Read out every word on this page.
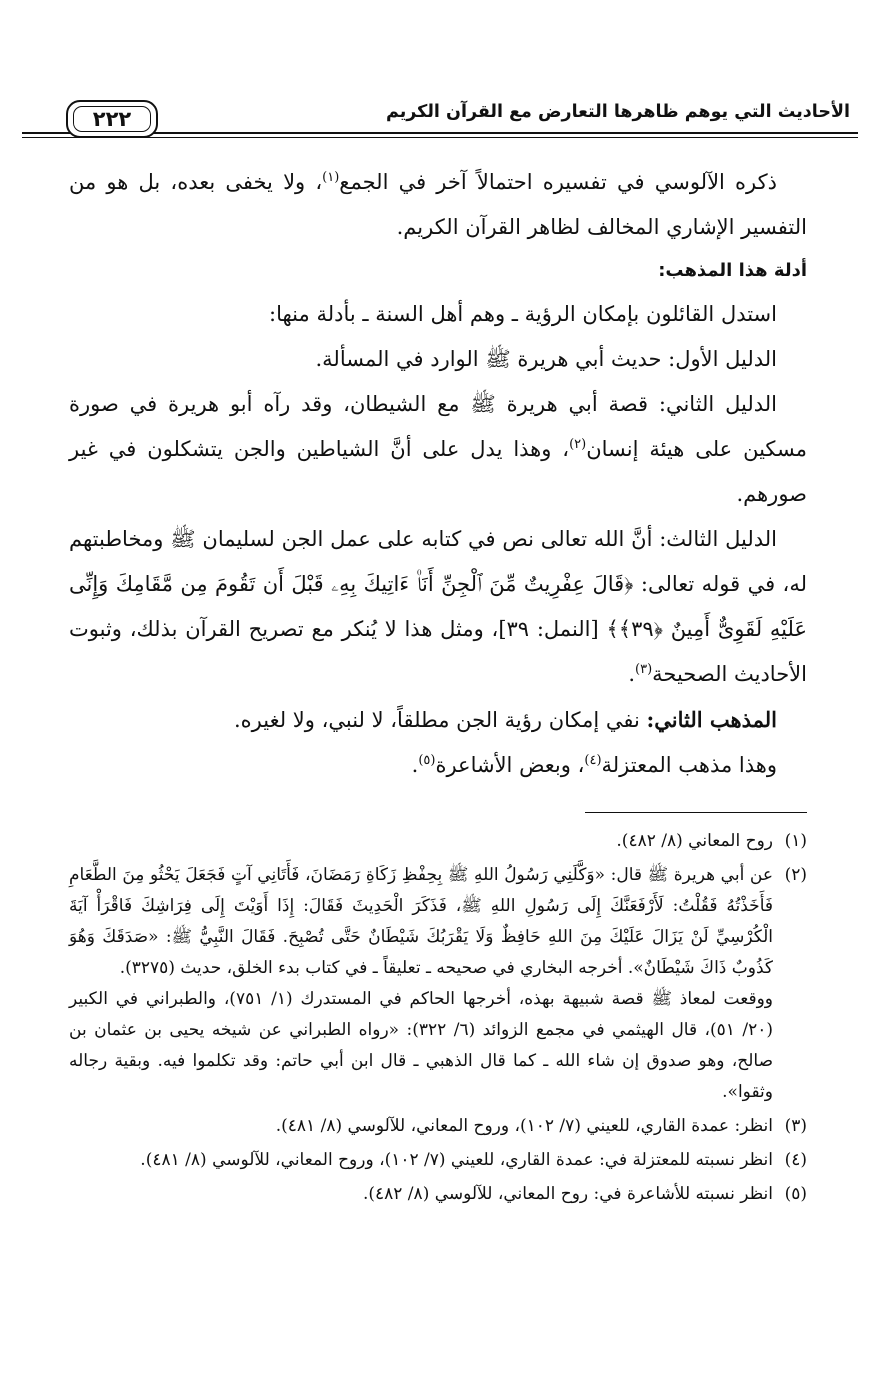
٢٢٢	الأحاديث التي يوهم ظاهرها التعارض مع القرآن الكريم

ذكره الآلوسي في تفسيره احتمالاً آخر في الجمع$^{(١)}$، ولا يخفى بعده، بل هو من التفسير الإشاري المخالف لظاهر القرآن الكريم.

أدلة هذا المذهب:

استدل القائلون بإمكان الرؤية ـ وهم أهل السنة ـ بأدلة منها:

الدليل الأول: حديث أبي هريرة ﷺ الوارد في المسألة.

الدليل الثاني: قصة أبي هريرة ﷺ مع الشيطان، وقد رآه أبو هريرة في صورة مسكين على هيئة إنسان$^{(٢)}$، وهذا يدل على أنَّ الشياطين والجن يتشكلون في غير صورهم.

الدليل الثالث: أنَّ الله تعالى نص في كتابه على عمل الجن لسليمان ﷺ ومخاطبتهم له، في قوله تعالى: ﴿قَالَ عِفْرِيتٌ مِّنَ ٱلْجِنِّ أَنَا۠ ءَاتِيكَ بِهِۦ قَبْلَ أَن تَقُومَ مِن مَّقَامِكَ وَإِنِّى عَلَيْهِ لَقَوِىٌّ أَمِينٌ ﴿٣٩﴾﴾ [النمل: ٣٩]، ومثل هذا لا يُنكر مع تصريح القرآن بذلك، وثبوت الأحاديث الصحيحة$^{(٣)}$.

المذهب الثاني: نفي إمكان رؤية الجن مطلقاً، لا لنبي، ولا لغيره.

وهذا مذهب المعتزلة$^{(٤)}$، وبعض الأشاعرة$^{(٥)}$.

(١)

روح المعاني (٨/ ٤٨٢).

(٢)

عن أبي هريرة ﷺ قال: «وَكَّلَنِي رَسُولُ اللهِ ﷺ بِحِفْظِ زَكَاةِ رَمَضَانَ، فَأَتَانِي آتٍ فَجَعَلَ يَحْثُو مِنَ الطَّعَامِ فَأَخَذْتُهُ فَقُلْتُ: لَأَرْفَعَنَّكَ إِلَى رَسُولِ اللهِ ﷺ، فَذَكَرَ الْحَدِيثَ فَقَالَ: إِذَا أَوَيْتَ إِلَى فِرَاشِكَ فَاقْرَأْ آيَةَ الْكُرْسِيِّ لَنْ يَزَالَ عَلَيْكَ مِنَ اللهِ حَافِظٌ وَلَا يَقْرَبُكَ شَيْطَانٌ حَتَّى تُصْبِحَ. فَقَالَ النَّبِيُّ ﷺ: «صَدَقَكَ وَهُوَ كَذُوبٌ ذَاكَ شَيْطَانٌ». أخرجه البخاري في صحيحه ـ تعليقاً ـ في كتاب بدء الخلق، حديث (٣٢٧٥).

ووقعت لمعاذ ﷺ قصة شبيهة بهذه، أخرجها الحاكم في المستدرك (١/ ٧٥١)، والطبراني في الكبير (٢٠/ ٥١)، قال الهيثمي في مجمع الزوائد (٦/ ٣٢٢): «رواه الطبراني عن شيخه يحيى بن عثمان بن صالح، وهو صدوق إن شاء الله ـ كما قال الذهبي ـ قال ابن أبي حاتم: وقد تكلموا فيه. وبقية رجاله وثقوا».

(٣)

انظر: عمدة القاري، للعيني (٧/ ١٠٢)، وروح المعاني، للآلوسي (٨/ ٤٨١).

(٤)

انظر نسبته للمعتزلة في: عمدة القاري، للعيني (٧/ ١٠٢)، وروح المعاني، للآلوسي (٨/ ٤٨١).

(٥)

انظر نسبته للأشاعرة في: روح المعاني، للآلوسي (٨/ ٤٨٢).
